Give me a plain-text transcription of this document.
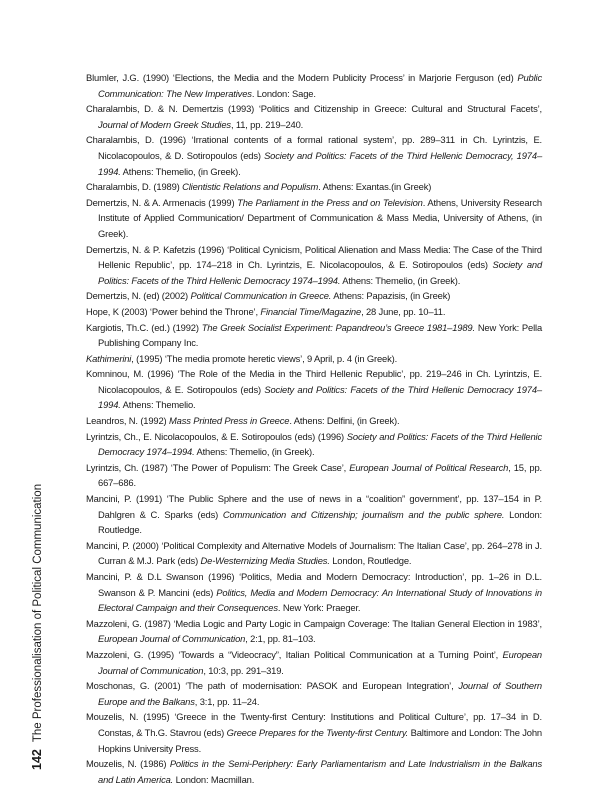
142 The Professionalisation of Political Communication

Blumler, J.G. (1990) ‘Elections, the Media and the Modern Publicity Process’ in Marjorie Ferguson (ed) Public Communication: The New Imperatives. London: Sage.

Charalambis, D. & N. Demertzis (1993) ‘Politics and Citizenship in Greece: Cultural and Structural Facets’, Journal of Modern Greek Studies, 11, pp. 219–240.

Charalambis, D. (1996) ‘Irrational contents of a formal rational system’, pp. 289–311 in Ch. Lyrintzis, E. Nicolacopoulos, & D. Sotiropoulos (eds) Society and Politics: Facets of the Third Hellenic Democracy, 1974–1994. Athens: Themelio, (in Greek).

Charalambis, D. (1989) Clientistic Relations and Populism. Athens: Exantas.(in Greek)

Demertzis, N. & A. Armenacis (1999) The Parliament in the Press and on Television. Athens, University Research Institute of Applied Communication/ Department of Communication & Mass Media, University of Athens, (in Greek).

Demertzis, N. & P. Kafetzis (1996) ‘Political Cynicism, Political Alienation and Mass Media: The Case of the Third Hellenic Republic’, pp. 174–218 in Ch. Lyrintzis, E. Nicolacopoulos, & E. Sotiropoulos (eds) Society and Politics: Facets of the Third Hellenic Democracy 1974–1994. Athens: Themelio, (in Greek).

Demertzis, N. (ed) (2002) Political Communication in Greece. Athens: Papazisis, (in Greek)

Hope, K (2003) ‘Power behind the Throne’, Financial Time/Magazine, 28 June, pp. 10–11.

Kargiotis, Th.C. (ed.) (1992) The Greek Socialist Experiment: Papandreou’s Greece 1981–1989. New York: Pella Publishing Company Inc.

Kathimerini, (1995) ‘The media promote heretic views’, 9 April, p. 4 (in Greek).

Komninou, M. (1996) ‘The Role of the Media in the Third Hellenic Republic’, pp. 219–246 in Ch. Lyrintzis, E. Nicolacopoulos, & E. Sotiropoulos (eds) Society and Politics: Facets of the Third Hellenic Democracy 1974–1994. Athens: Themelio.

Leandros, N. (1992) Mass Printed Press in Greece. Athens: Delfini, (in Greek).

Lyrintzis, Ch., E. Nicolacopoulos, & E. Sotiropoulos (eds) (1996) Society and Politics: Facets of the Third Hellenic Democracy 1974–1994. Athens: Themelio, (in Greek).

Lyrintzis, Ch. (1987) ‘The Power of Populism: The Greek Case’, European Journal of Political Research, 15, pp. 667–686.

Mancini, P. (1991) ‘The Public Sphere and the use of news in a “coalition” government’, pp. 137–154 in P. Dahlgren & C. Sparks (eds) Communication and Citizenship; journalism and the public sphere. London: Routledge.

Mancini, P. (2000) ‘Political Complexity and Alternative Models of Journalism: The Italian Case’, pp. 264–278 in J. Curran & M.J. Park (eds) De-Westernizing Media Studies. London, Routledge.

Mancini, P. & D.L Swanson (1996) ‘Politics, Media and Modern Democracy: Introduction’, pp. 1–26 in D.L. Swanson & P. Mancini (eds) Politics, Media and Modern Democracy: An International Study of Innovations in Electoral Campaign and their Consequences. New York: Praeger.

Mazzoleni, G. (1987) ‘Media Logic and Party Logic in Campaign Coverage: The Italian General Election in 1983’, European Journal of Communication, 2:1, pp. 81–103.

Mazzoleni, G. (1995) ‘Towards a “Videocracy”, Italian Political Communication at a Turning Point’, European Journal of Communication, 10:3, pp. 291–319.

Moschonas, G. (2001) ‘The path of modernisation: PASOK and European Integration’, Journal of Southern Europe and the Balkans, 3:1, pp. 11–24.

Mouzelis, N. (1995) ‘Greece in the Twenty-first Century: Institutions and Political Culture’, pp. 17–34 in D. Constas, & Th.G. Stavrou (eds) Greece Prepares for the Twenty-first Century. Baltimore and London: The John Hopkins University Press.

Mouzelis, N. (1986) Politics in the Semi-Periphery: Early Parliamentarism and Late Industrialism in the Balkans and Latin America. London: Macmillan.
